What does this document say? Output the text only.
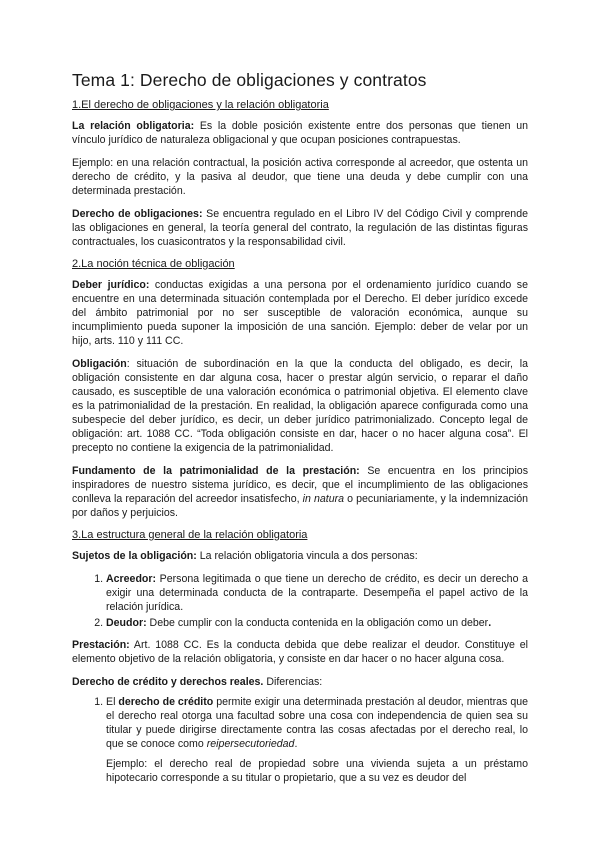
Tema 1: Derecho de obligaciones y contratos
1.El derecho de obligaciones y la relación obligatoria

La relación obligatoria: Es la doble posición existente entre dos personas que tienen un vínculo jurídico de naturaleza obligacional y que ocupan posiciones contrapuestas.

Ejemplo: en una relación contractual, la posición activa corresponde al acreedor, que ostenta un derecho de crédito, y la pasiva al deudor, que tiene una deuda y debe cumplir con una determinada prestación.

Derecho de obligaciones: Se encuentra regulado en el Libro IV del Código Civil y comprende las obligaciones en general, la teoría general del contrato, la regulación de las distintas figuras contractuales, los cuasicontratos y la responsabilidad civil.

2.La noción técnica de obligación

Deber jurídico: conductas exigidas a una persona por el ordenamiento jurídico cuando se encuentre en una determinada situación contemplada por el Derecho. El deber jurídico excede del ámbito patrimonial por no ser susceptible de valoración económica, aunque su incumplimiento pueda suponer la imposición de una sanción. Ejemplo: deber de velar por un hijo, arts. 110 y 111 CC.

Obligación: situación de subordinación en la que la conducta del obligado, es decir, la obligación consistente en dar alguna cosa, hacer o prestar algún servicio, o reparar el daño causado, es susceptible de una valoración económica o patrimonial objetiva. El elemento clave es la patrimonialidad de la prestación. En realidad, la obligación aparece configurada como una subespecie del deber jurídico, es decir, un deber jurídico patrimonializado. Concepto legal de obligación: art. 1088 CC. “Toda obligación consiste en dar, hacer o no hacer alguna cosa”. El precepto no contiene la exigencia de la patrimonialidad.

Fundamento de la patrimonialidad de la prestación: Se encuentra en los principios inspiradores de nuestro sistema jurídico, es decir, que el incumplimiento de las obligaciones conlleva la reparación del acreedor insatisfecho, in natura o pecuniariamente, y la indemnización por daños y perjuicios.

3.La estructura general de la relación obligatoria

Sujetos de la obligación: La relación obligatoria vincula a dos personas:

1. Acreedor: Persona legitimada o que tiene un derecho de crédito, es decir un derecho a exigir una determinada conducta de la contraparte. Desempeña el papel activo de la relación jurídica.
2. Deudor: Debe cumplir con la conducta contenida en la obligación como un deber.

Prestación: Art. 1088 CC. Es la conducta debida que debe realizar el deudor. Constituye el elemento objetivo de la relación obligatoria, y consiste en dar hacer o no hacer alguna cosa.

Derecho de crédito y derechos reales. Diferencias:

1. El derecho de crédito permite exigir una determinada prestación al deudor, mientras que el derecho real otorga una facultad sobre una cosa con independencia de quien sea su titular y puede dirigirse directamente contra las cosas afectadas por el derecho real, lo que se conoce como reipersecutoriedad.

Ejemplo: el derecho real de propiedad sobre una vivienda sujeta a un préstamo hipotecario corresponde a su titular o propietario, que a su vez es deudor del
